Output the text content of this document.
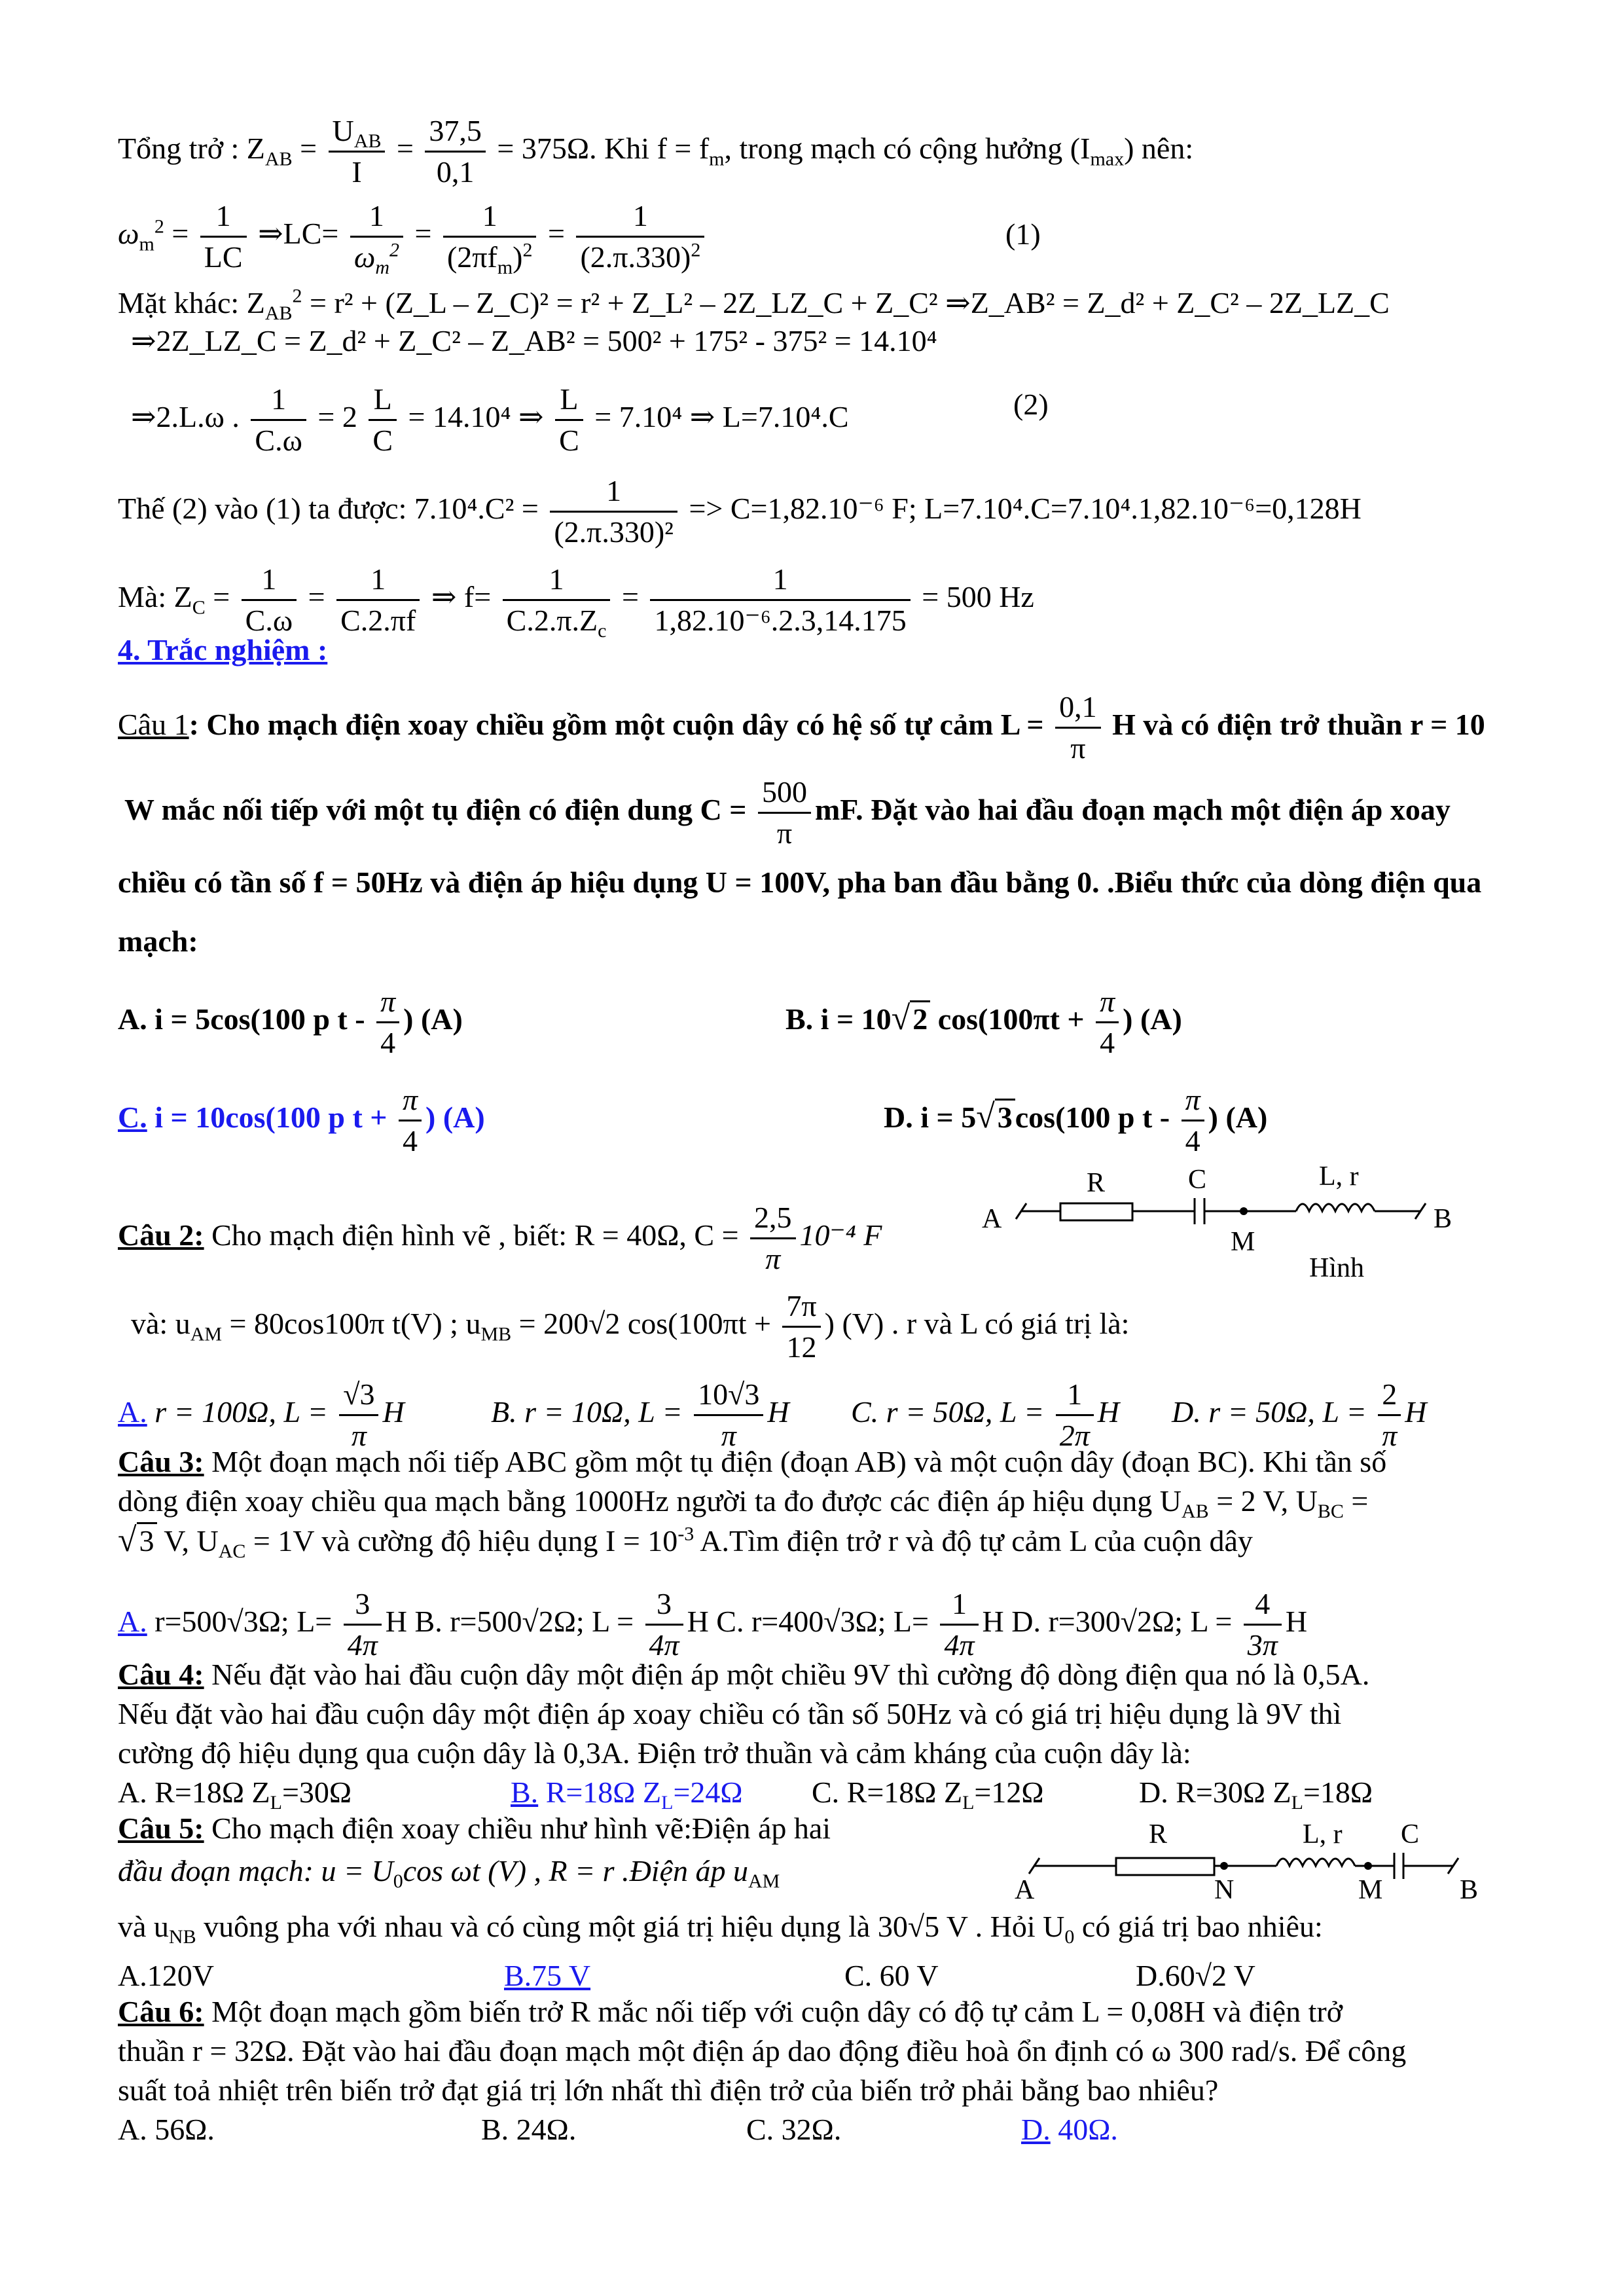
Tổng trở : $Z_{AB} = \frac{U_{AB}}{I} = \frac{37,5}{0,1} = 375\Omega$. Khi $f = f_m$, trong mạch có cộng hưởng $(I_{max})$ nên:
$\omega_m^2 = \frac{1}{LC}$ ⇒LC= $\frac{1}{\omega_m^2} = \frac{1}{(2\pi f_m)^2} = \frac{1}{(2.\pi.330)^2}$	(1)
Mặt khác: $Z_{AB}^2 = r^2$ + (Z_L – Z_C)² = r² + Z_L² – 2Z_LZ_C + Z_C² ⇒Z_AB² = Z_d² + Z_C² – 2Z_LZ_C
⇒2Z_LZ_C = Z_d² + Z_C² – Z_AB² = 500² + 175² - 375² = 14.10⁴
⇒2.L.ω . $\frac{1}{C.\omega} = 2 \frac{L}{C} = 14.10^4$ ⇒ $\frac{L}{C} = 7.10^4$ ⇒ L=7.10⁴.C	(2)
Thế (2) vào (1) ta được: $7.10^4.C^2 = \frac{1}{\text{(2.π.330)²}} => C=1,82.10^{-6}$ F; L=7.10⁴.C=7.10⁴.1,82.10⁻⁶=0,128H
Mà: $Z_C = \frac{1}{C.\omega} = \frac{1}{C.2.\pi f}$ ⇒ $f= \frac{1}{C.2.\pi.Z_c} = \frac{1}{\text{1,82.10⁻⁶.2.3,14.175}} = 500$ Hz
4. Trắc nghiệm :
Câu 1: Cho mạch điện xoay chiều gồm một cuộn dây có hệ số tự cảm $L = \frac{0,1}{\pi}$ H và có điện trở thuần r = 10
W mắc nối tiếp với một tụ điện có điện dung $C = \frac{500}{\pi}$ mF. Đặt vào hai đầu đoạn mạch một điện áp xoay
chiều có tần số f = 50Hz và điện áp hiệu dụng U = 100V, pha ban đầu bằng 0. .Biểu thức của dòng điện qua
mạch:
A. i = 5cos(100 p t - $\frac{\pi}{4}$ ) (A)	B. i = 10√2 $\cos(100\pi t + \frac{\pi}{4}$ ) (A)
C. i = 10cos(100 p $t + \frac{\pi}{4}$ ) (A)	D. i = 5√3cos(100 p t - $\frac{\pi}{4}$ ) (A)
Câu 2: Cho mạch điện hình vẽ , biết: R = 40Ω, $C = \frac{2,5}{\pi} 10^{-4}$ F
R	C	L, r
A	B
M
Hình
và: $u_{AM} = 80\cos 100\pi$ t(V) ; $u_{MB} = 200√2$ $\cos(100\pi t + \frac{7\pi}{12}$ ) (V) . r và L có giá trị là:
A. r = 100Ω, $L = \frac{√3}{\pi}$ H	B. r = 10Ω, $L = \frac{10√3}{\pi}$ H C. r = 50Ω, $L = \frac{1}{2\pi}$ H D. r = 50Ω, $L = \frac{2}{\pi}$ H
Câu 3: Một đoạn mạch nối tiếp ABC gồm một tụ điện (đoạn AB) và một cuộn dây (đoạn BC). Khi tần số
dòng điện xoay chiều qua mạch bằng 1000Hz người ta đo được các điện áp hiệu dụng $U_{AB} = 2$ V, $U_{BC}$ =
√3 V, $U_{AC} = 1V$ và cường độ hiệu dụng $I = 10^{-3}$ A.Tìm điện trở r và độ tự cảm L của cuộn dây
A. r=500√3Ω; $L= \frac{3}{4\pi}$ H B. r=500√2Ω; $L = \frac{3}{4\pi}$ H C. r=400√3Ω; $L= \frac{1}{4\pi}$ H D. r=300√2Ω; $L = \frac{4}{3\pi}$ H
Câu 4: Nếu đặt vào hai đầu cuộn dây một điện áp một chiều 9V thì cường độ dòng điện qua nó là 0,5A.
Nếu đặt vào hai đầu cuộn dây một điện áp xoay chiều có tần số 50Hz và có giá trị hiệu dụng là 9V thì
cường độ hiệu dụng qua cuộn dây là 0,3A. Điện trở thuần và cảm kháng của cuộn dây là:
A. R=18Ω $Z_L=30\Omega$	B. R=18Ω $Z_L=24\Omega$ C. R=18Ω $Z_L=12\Omega$	D. R=30Ω $Z_L=18\Omega$
Câu 5: Cho mạch điện xoay chiều như hình vẽ:Điện áp hai
đầu đoạn mạch: $u = U_0\cos$ ωt (V) , R = r .Điện áp $u_{AM}$
R	L, r C
A	N	M	B
và $u_{NB}$ vuông pha với nhau và có cùng một giá trị hiệu dụng là 30√5 V . Hỏi $U_0$ có giá trị bao nhiêu:
A.120V	B.75 V	C. 60 V	D.60√2 V
Câu 6: Một đoạn mạch gồm biến trở R mắc nối tiếp với cuộn dây có độ tự cảm L = 0,08H và điện trở
thuần r = 32Ω. Đặt vào hai đầu đoạn mạch một điện áp dao động điều hoà ổn định có ω 300 rad/s. Để công
suất toả nhiệt trên biến trở đạt giá trị lớn nhất thì điện trở của biến trở phải bằng bao nhiêu?
A. 56Ω.	B. 24Ω.	C. 32Ω.	D. 40Ω.
